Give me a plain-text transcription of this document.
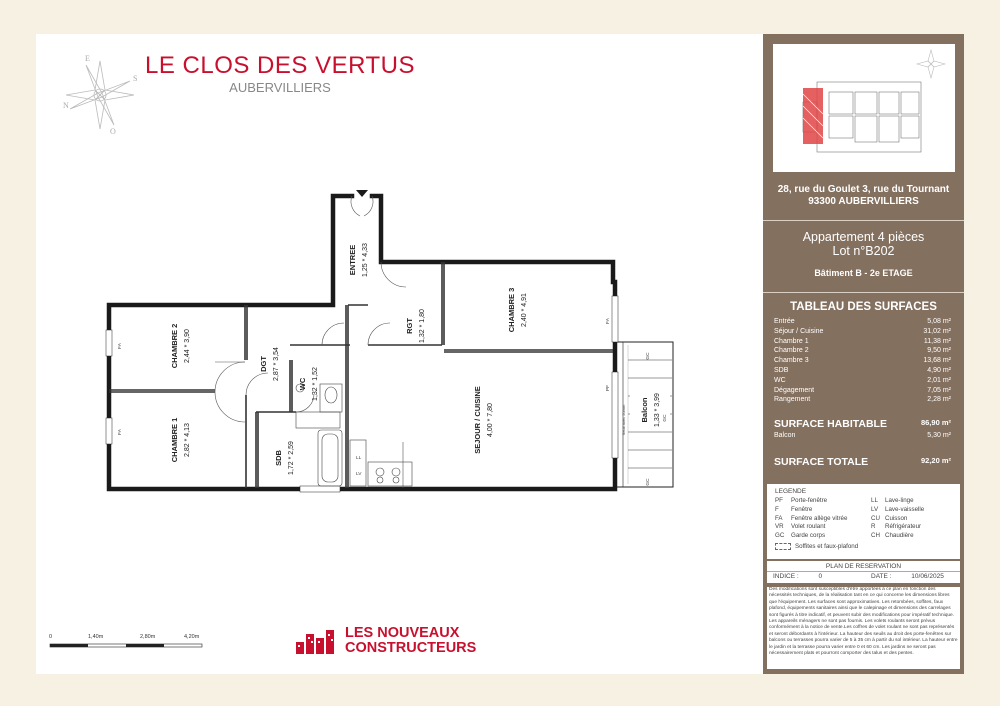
LE CLOS DES VERTUS
AUBERVILLIERS
E
S
N
O
CHAMBRE 2 2,44 * 3,90
CHAMBRE 1 2,82 * 4,13
DGT 2,87 * 3,54
WC 1,32 * 1,52
SDB 1,72 * 2,59
ENTREE 1,25 * 4,33
RGT 1,32 * 1,80	CHAMBRE 3 2,40 * 4,91
SEJOUR / CUISINE 4,00 * 7,80	Balcon 1,33 * 3,99
FA
FA
FA
PF
GC
GC
GC
Seuil avec 50mm
LL
LV
0	1,40m	2,80m	4,20m	LES NOUVEAUX
CONSTRUCTEURS
28, rue du Goulet 3, rue du Tournant 93300 AUBERVILLIERS
Appartement 4 pièces
Lot n°B202
Bâtiment B - 2e ETAGE
TABLEAU DES SURFACES
Entrée	5,08 m²
Séjour / Cuisine	31,02 m²
Chambre 1	11,38 m²
Chambre 2	9,50 m²
Chambre 3	13,68 m²
SDB	4,90 m²
WC	2,01 m²
Dégagement	7,05 m²
Rangement	2,28 m²
SURFACE HABITABLE	86,90 m²
Balcon	5,30 m²
SURFACE TOTALE	92,20 m²
LEGENDE
PF Porte-fenêtre
F Fenêtre
FA Fenêtre allège vitrée
VR Volet roulant
GC Garde corps
LL Lave-linge
LV Lave-vaisselle
CU Cuisson
R Réfrigérateur
CH Chaudière
Soffites et faux-plafond
PLAN DE RESERVATION
INDICE :	0	DATE :	10/06/2025
Des modifications sont susceptibles d'être apportées à ce plan en fonction des nécessités techniques, de la réalisation tant en ce qui concerne les dimensions libres que l'équipement. Les surfaces sont approximatives. Les retombées, soffites, faux plafond, équipements sanitaires ainsi que le calepinage et dimensions des carrelages sont figurés à titre indicatif, et peuvent subir des modifications pour impératif technique. Les appareils ménagers ne sont pas fournis. Les volets roulants seront prévus conformément à la notice de vente.Les coffres de volet roulant ne sont pas représentés et seront débordants à l'intérieur. La hauteur des seuils au droit des porte-fenêtres sur balcons ou terrasses pourra varier de 5 à 35 cm à partir du sol intérieur. La hauteur entre le jardin et la terrasse pourra varier entre 0 et 60 cm. Les jardins ne seront pas nécessairement plats et pourront comporter des talus et des pentes.
